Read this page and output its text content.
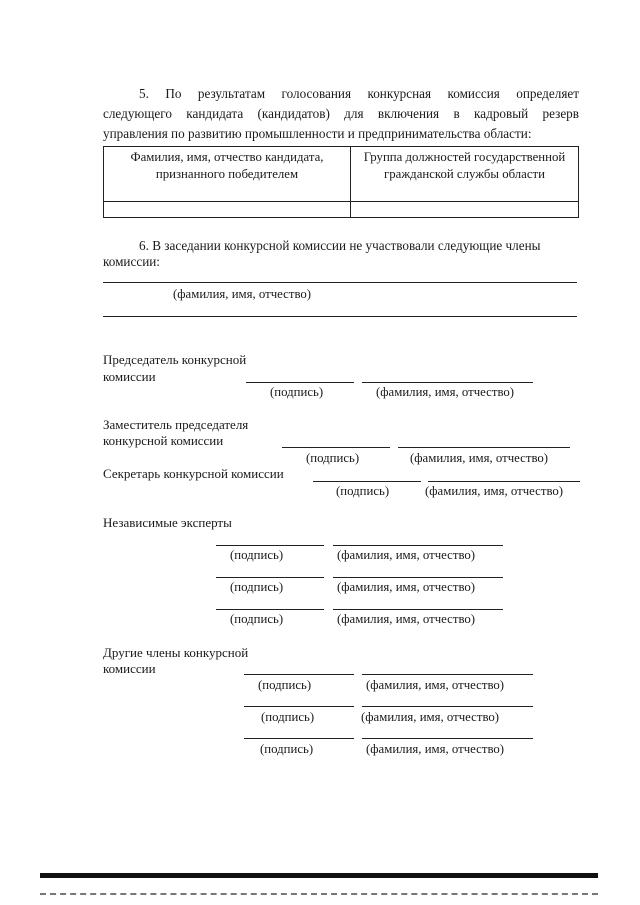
5. По результатам голосования конкурсная комиссия определяет
следующего кандидата (кандидатов) для включения в кадровый резерв
управления по развитию промышленности и предпринимательства области:
Фамилия, имя, отчество кандидата, признанного победителем	Группа должностей государственной гражданской службы области

6. В заседании конкурсной комиссии не участвовали следующие члены
комиссии:
(фамилия, имя, отчество)
Председатель конкурсной
комиссии
(подпись)	(фамилия, имя, отчество)
Заместитель председателя
конкурсной комиссии
(подпись)	(фамилия, имя, отчество)
Секретарь конкурсной комиссии
(подпись)	(фамилия, имя, отчество)
Независимые эксперты
(подпись)	(фамилия, имя, отчество)
(подпись)	(фамилия, имя, отчество)
(подпись)	(фамилия, имя, отчество)
Другие члены конкурсной
комиссии
(подпись)	(фамилия, имя, отчество)
(подпись)	(фамилия, имя, отчество)
(подпись)	(фамилия, имя, отчество)
